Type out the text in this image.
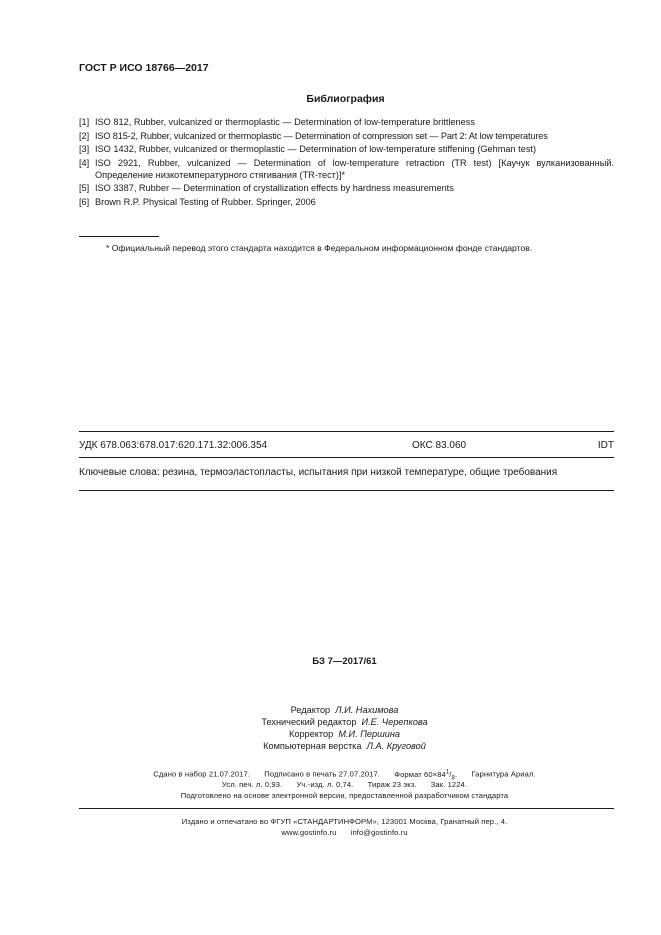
ГОСТ Р ИСО 18766—2017
Библиография
[1] ISO 812, Rubber, vulcanized or thermoplastic — Determination of low-temperature brittleness
[2] ISO 815-2, Rubber, vulcanized or thermoplastic — Determination of compression set — Part 2: At low temperatures
[3] ISO 1432, Rubber, vulcanized or thermoplastic — Determination of low-temperature stiffening (Gehman test)
[4] ISO 2921, Rubber, vulcanized — Determination of low-temperature retraction (TR test) [Каучук вулканизованный. Определение низкотемпературного стягивания (TR-тест)]*
[5] ISO 3387, Rubber — Determination of crystallization effects by hardness measurements
[6] Brown R.P. Physical Testing of Rubber. Springer, 2006
* Официальный перевод этого стандарта находится в Федеральном информационном фонде стандартов.
УДК 678.063:678.017:620.171.32:006.354	ОКС 83.060	IDT
Ключевые слова: резина, термоэластопласты, испытания при низкой температуре, общие требования
БЗ 7—2017/61
Редактор Л.И. Нахимова
Технический редактор И.Е. Черепкова
Корректор М.И. Першина
Компьютерная верстка Л.А. Круговой
Сдано в набор 21.07.2017. Подписано в печать 27.07.2017. Формат $60\times 84^1/_8$. Гарнитура Ариал.
Усл. печ. л. 0,93. Уч.-изд. л. 0,74. Тираж 23 экз. Зак. 1224.
Подготовлено на основе электронной версии, предоставленной разработчиком стандарта
Издано и отпечатано во ФГУП «СТАНДАРТИНФОРМ», 123001 Москва, Гранатный пер., 4.
www.gostinfo.ru info@gostinfo.ru
